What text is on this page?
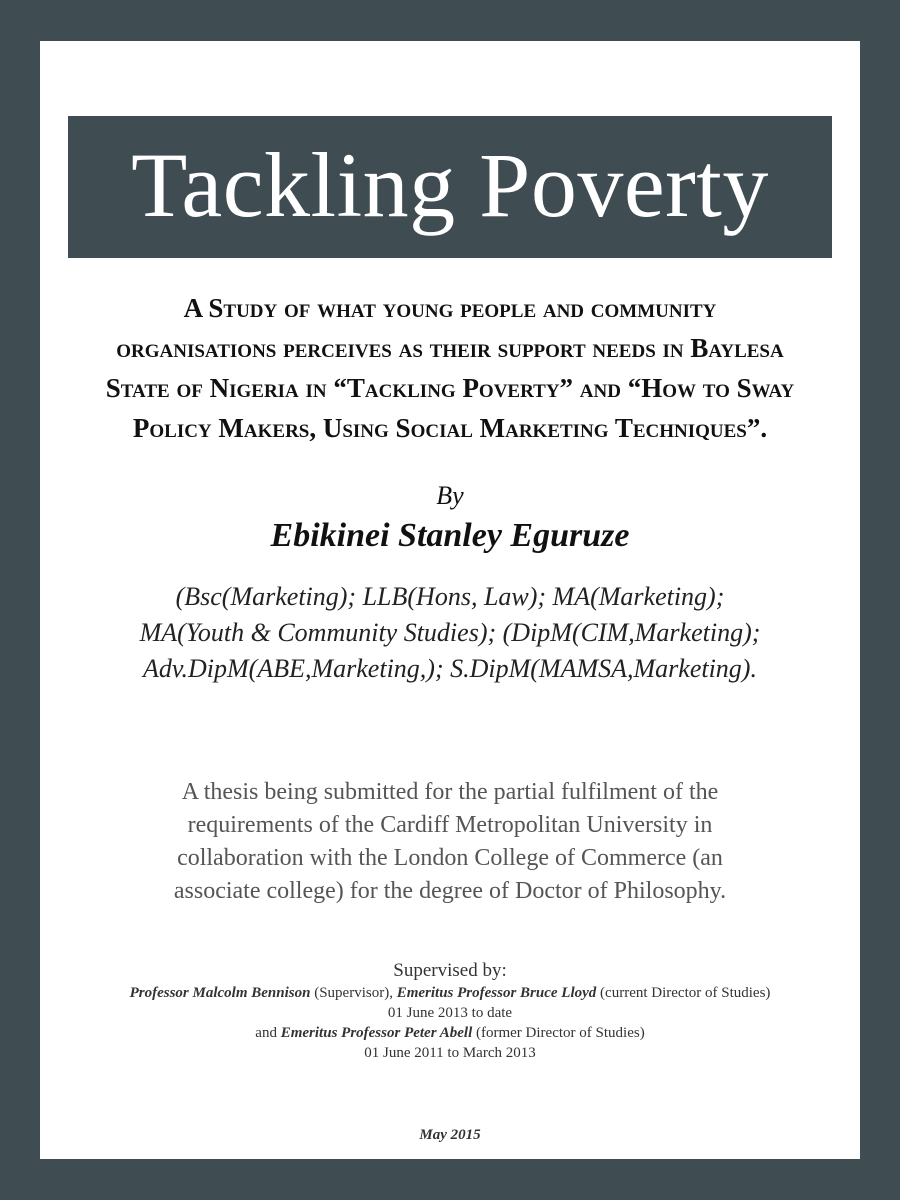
Tackling Poverty
A Study of what young people and community
organisations perceives as their support needs in Baylesa
State of Nigeria in “Tackling Poverty” and “How to Sway
Policy Makers, Using Social Marketing Techniques”.
By
Ebikinei Stanley Eguruze
(Bsc(Marketing); LLB(Hons, Law); MA(Marketing);
MA(Youth & Community Studies); (DipM(CIM,Marketing);
Adv.DipM(ABE,Marketing,); S.DipM(MAMSA,Marketing).
A thesis being submitted for the partial fulfilment of the
requirements of the Cardiff Metropolitan University in
collaboration with the London College of Commerce (an
associate college) for the degree of Doctor of Philosophy.
Supervised by:
Professor Malcolm Bennison (Supervisor), Emeritus Professor Bruce Lloyd (current Director of Studies)
01 June 2013 to date
and Emeritus Professor Peter Abell (former Director of Studies)
01 June 2011 to March 2013
May 2015
